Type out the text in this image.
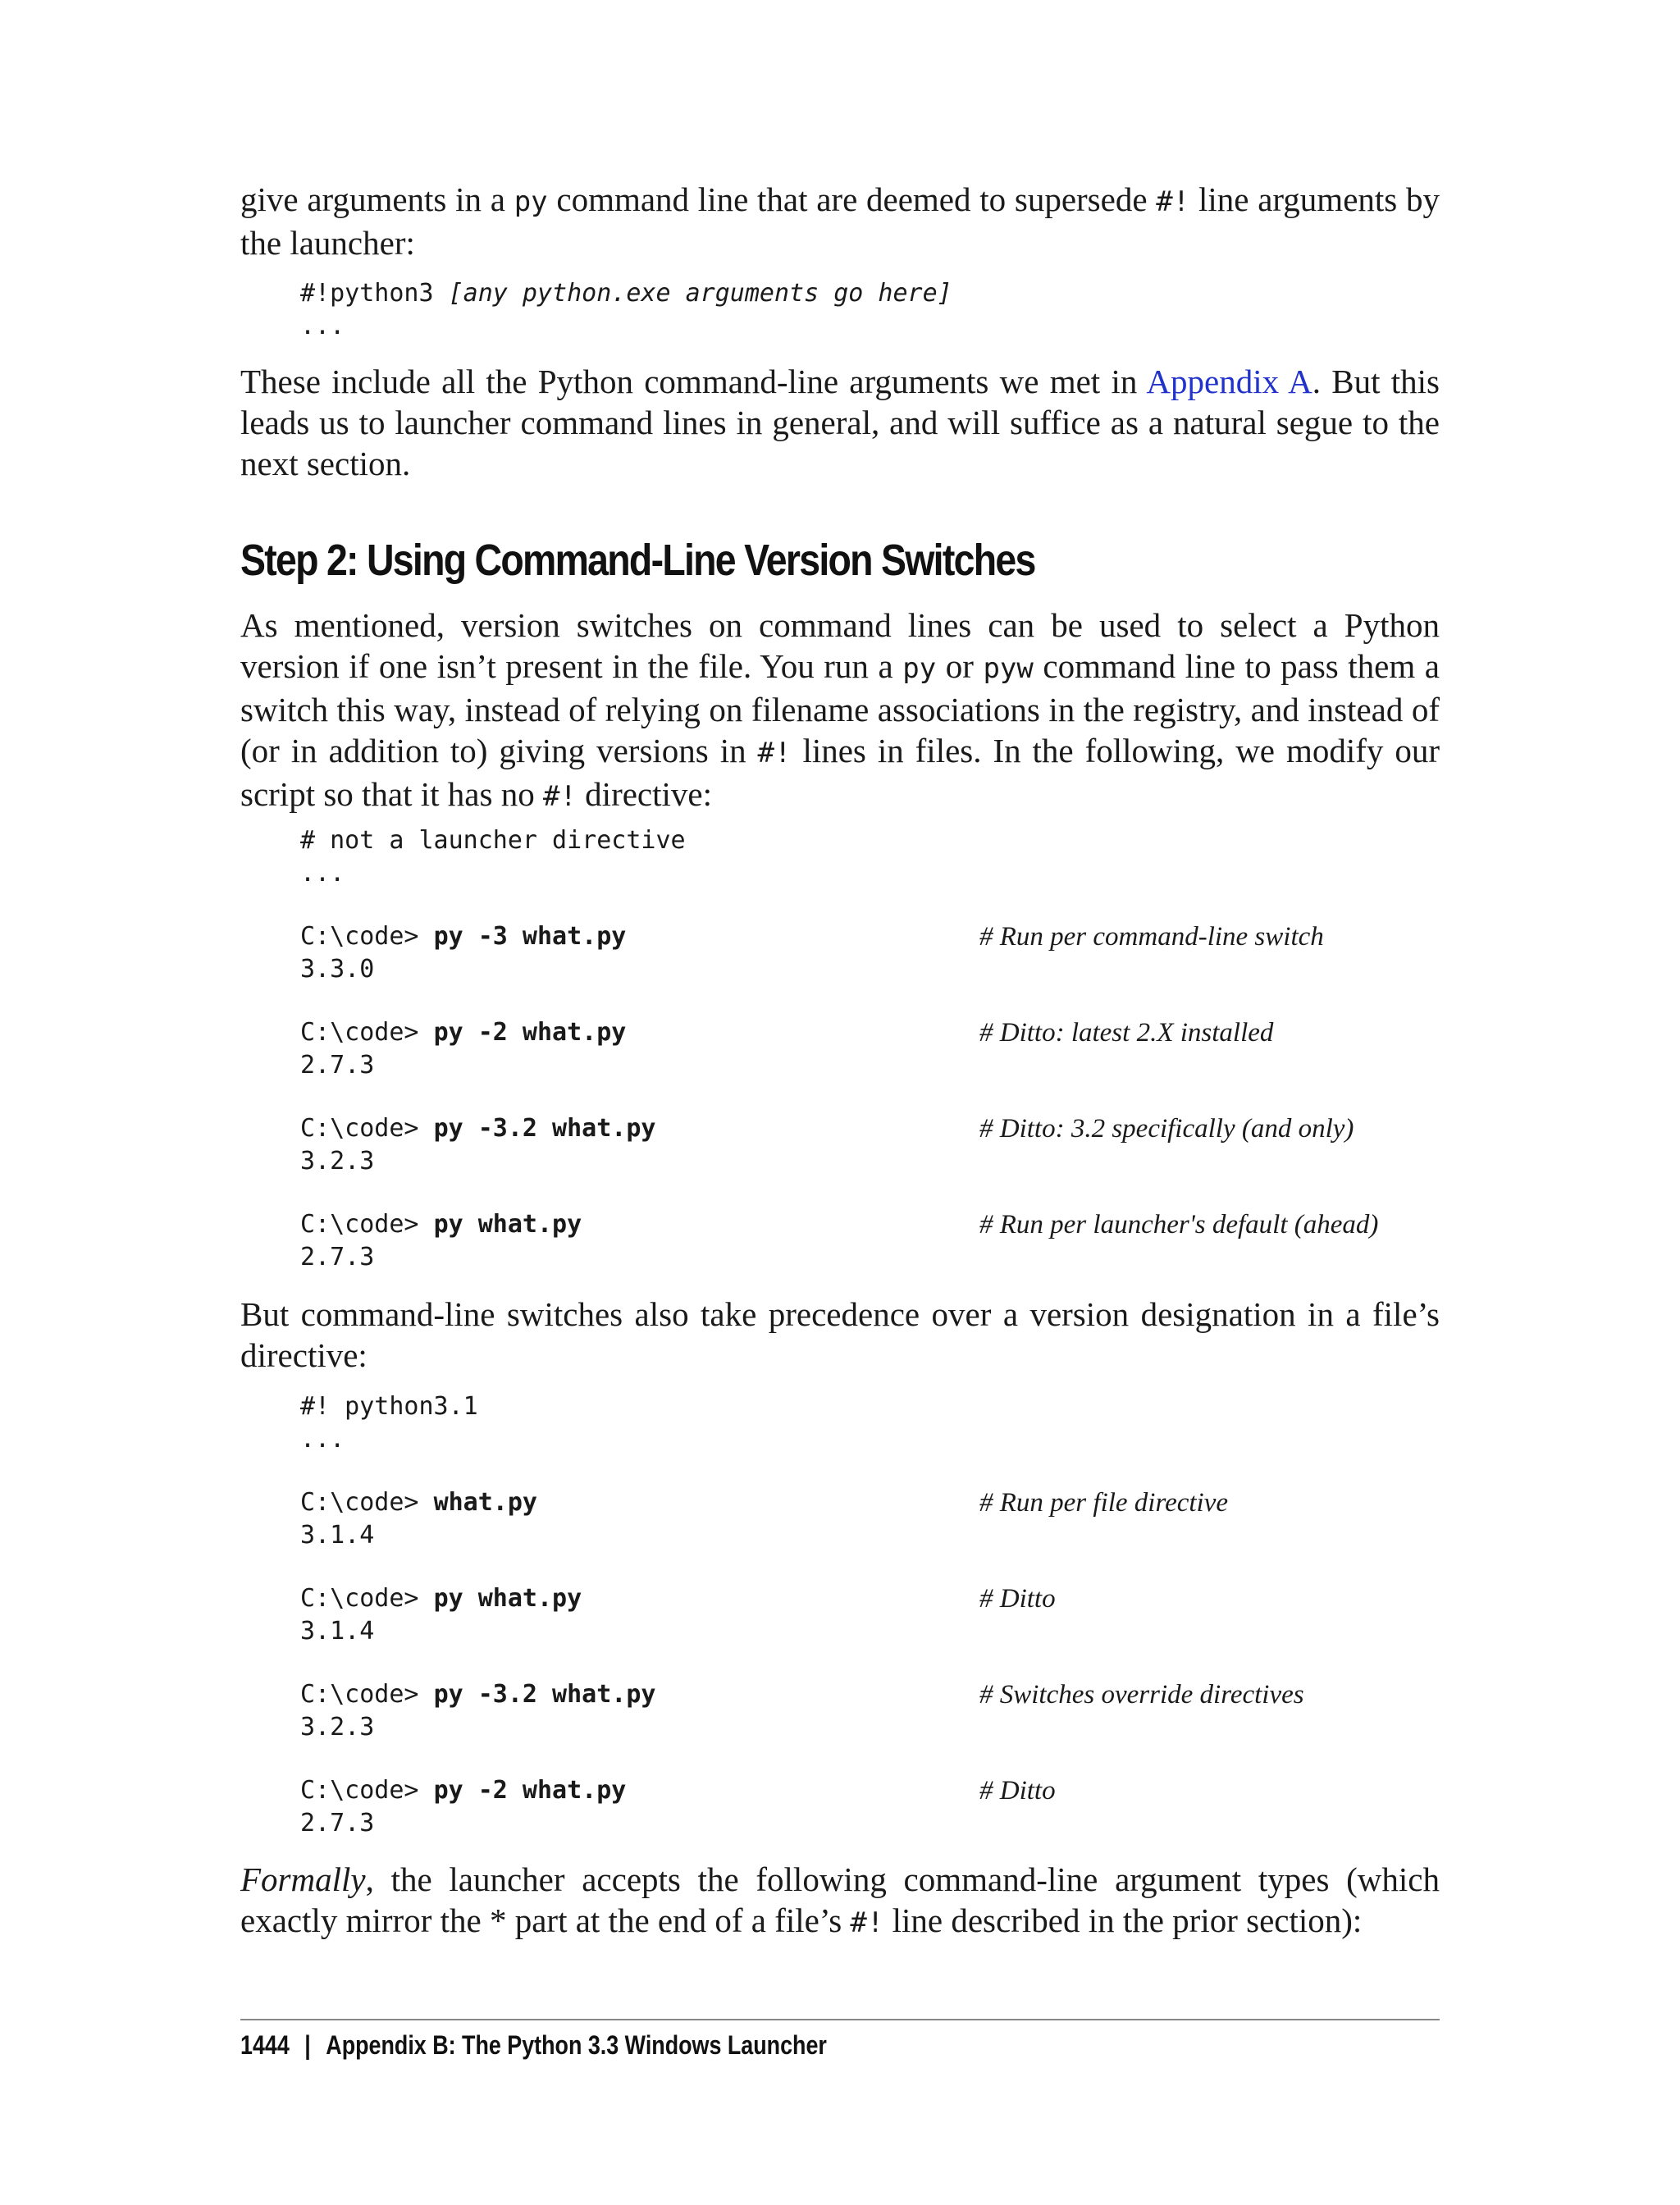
give arguments in a py command line that are deemed to supersede #! line arguments by the launcher:

#!python3 [any python.exe arguments go here]
...

These include all the Python command-line arguments we met in Appendix A. But this leads us to launcher command lines in general, and will suffice as a natural segue to the next section.

Step 2: Using Command-Line Version Switches

As mentioned, version switches on command lines can be used to select a Python version if one isn’t present in the file. You run a py or pyw command line to pass them a switch this way, instead of relying on filename associations in the registry, and instead of (or in addition to) giving versions in #! lines in files. In the following, we modify our script so that it has no #! directive:

# not a launcher directive
...
C:\code> py -3 what.py	# Run per command-line switch
3.3.0
C:\code> py -2 what.py	# Ditto: latest 2.X installed
2.7.3
C:\code> py -3.2 what.py	# Ditto: 3.2 specifically (and only)
3.2.3
C:\code> py what.py	# Run per launcher's default (ahead)
2.7.3

But command-line switches also take precedence over a version designation in a file’s directive:

#! python3.1
...
C:\code> what.py	# Run per file directive
3.1.4
C:\code> py what.py	# Ditto
3.1.4
C:\code> py -3.2 what.py	# Switches override directives
3.2.3
C:\code> py -2 what.py	# Ditto
2.7.3

Formally, the launcher accepts the following command-line argument types (which exactly mirror the * part at the end of a file’s #! line described in the prior section):

1444 | Appendix B: The Python 3.3 Windows Launcher
